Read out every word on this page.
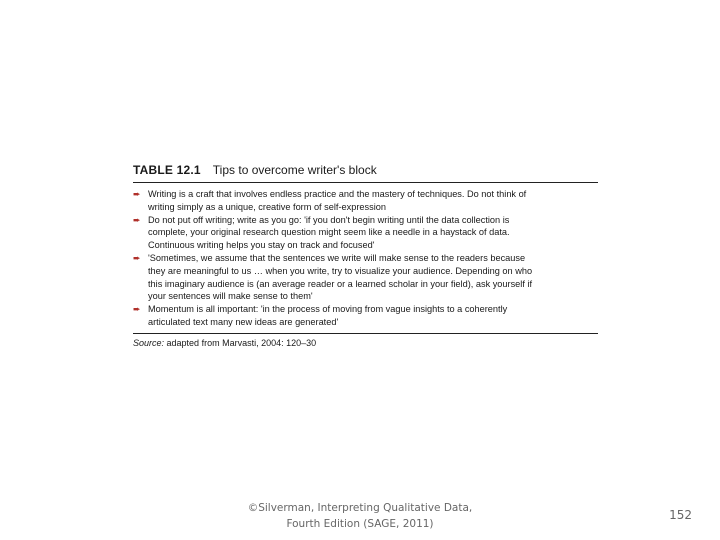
TABLE 12.1 Tips to overcome writer's block
➨ Writing is a craft that involves endless practice and the mastery of techniques. Do not think of
writing simply as a unique, creative form of self-expression
➨ Do not put off writing; write as you go: 'if you don't begin writing until the data collection is
complete, your original research question might seem like a needle in a haystack of data.
Continuous writing helps you stay on track and focused'
➨ 'Sometimes, we assume that the sentences we write will make sense to the readers because
they are meaningful to us … when you write, try to visualize your audience. Depending on who
this imaginary audience is (an average reader or a learned scholar in your field), ask yourself if
your sentences will make sense to them'
➨ Momentum is all important: 'in the process of moving from vague insights to a coherently
articulated text many new ideas are generated'
Source: adapted from Marvasti, 2004: 120–30
©Silverman, Interpreting Qualitative Data,
Fourth Edition (SAGE, 2011)
152
